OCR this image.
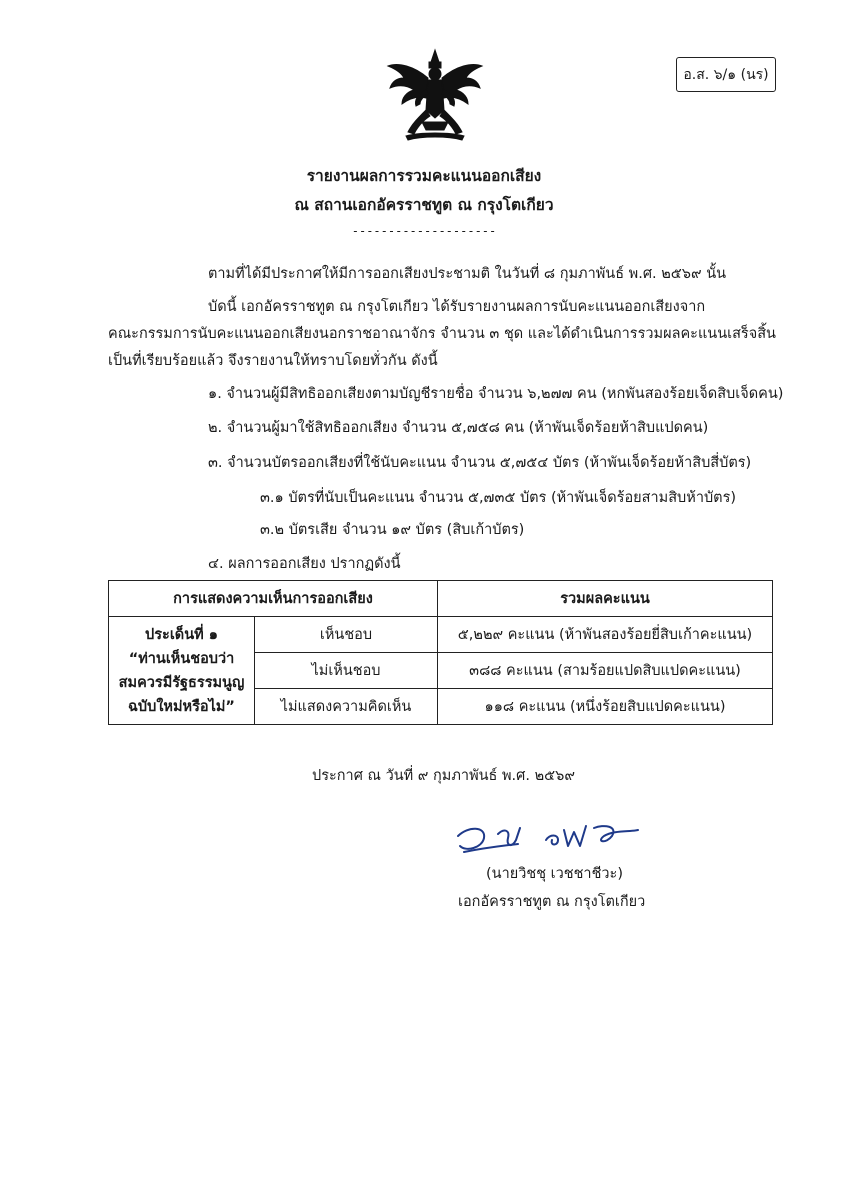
อ.ส. ๖/๑ (นร)
รายงานผลการรวมคะแนนออกเสียง
ณ สถานเอกอัครราชทูต ณ กรุงโตเกียว
--------------------
ตามที่ได้มีประกาศให้มีการออกเสียงประชามติ ในวันที่ ๘ กุมภาพันธ์ พ.ศ. ๒๕๖๙ นั้น
บัดนี้ เอกอัครราชทูต ณ กรุงโตเกียว ได้รับรายงานผลการนับคะแนนออกเสียงจาก
คณะกรรมการนับคะแนนออกเสียงนอกราชอาณาจักร จำนวน ๓ ชุด และได้ดำเนินการรวมผลคะแนนเสร็จสิ้น
เป็นที่เรียบร้อยแล้ว จึงรายงานให้ทราบโดยทั่วกัน ดังนี้
๑. จำนวนผู้มีสิทธิออกเสียงตามบัญชีรายชื่อ จำนวน ๖,๒๗๗ คน (หกพันสองร้อยเจ็ดสิบเจ็ดคน)
๒. จำนวนผู้มาใช้สิทธิออกเสียง จำนวน ๕,๗๕๘ คน (ห้าพันเจ็ดร้อยห้าสิบแปดคน)
๓. จำนวนบัตรออกเสียงที่ใช้นับคะแนน จำนวน ๕,๗๕๔ บัตร (ห้าพันเจ็ดร้อยห้าสิบสี่บัตร)
๓.๑ บัตรที่นับเป็นคะแนน จำนวน ๕,๗๓๕ บัตร (ห้าพันเจ็ดร้อยสามสิบห้าบัตร)
๓.๒ บัตรเสีย จำนวน ๑๙ บัตร (สิบเก้าบัตร)
๔. ผลการออกเสียง ปรากฏดังนี้
การแสดงความเห็นการออกเสียง		รวมผลคะแนน

ประเด็นที่ ๑
“ท่านเห็นชอบว่า
สมควรมีรัฐธรรมนูญ
ฉบับใหม่หรือไม่”	เห็นชอบ	๕,๒๒๙ คะแนน (ห้าพันสองร้อยยี่สิบเก้าคะแนน)
	ไม่เห็นชอบ	๓๘๘ คะแนน (สามร้อยแปดสิบแปดคะแนน)
	ไม่แสดงความคิดเห็น	๑๑๘ คะแนน (หนึ่งร้อยสิบแปดคะแนน)
ประกาศ ณ วันที่ ๙ กุมภาพันธ์ พ.ศ. ๒๕๖๙
(นายวิชชุ เวชชาชีวะ)
เอกอัครราชทูต ณ กรุงโตเกียว
